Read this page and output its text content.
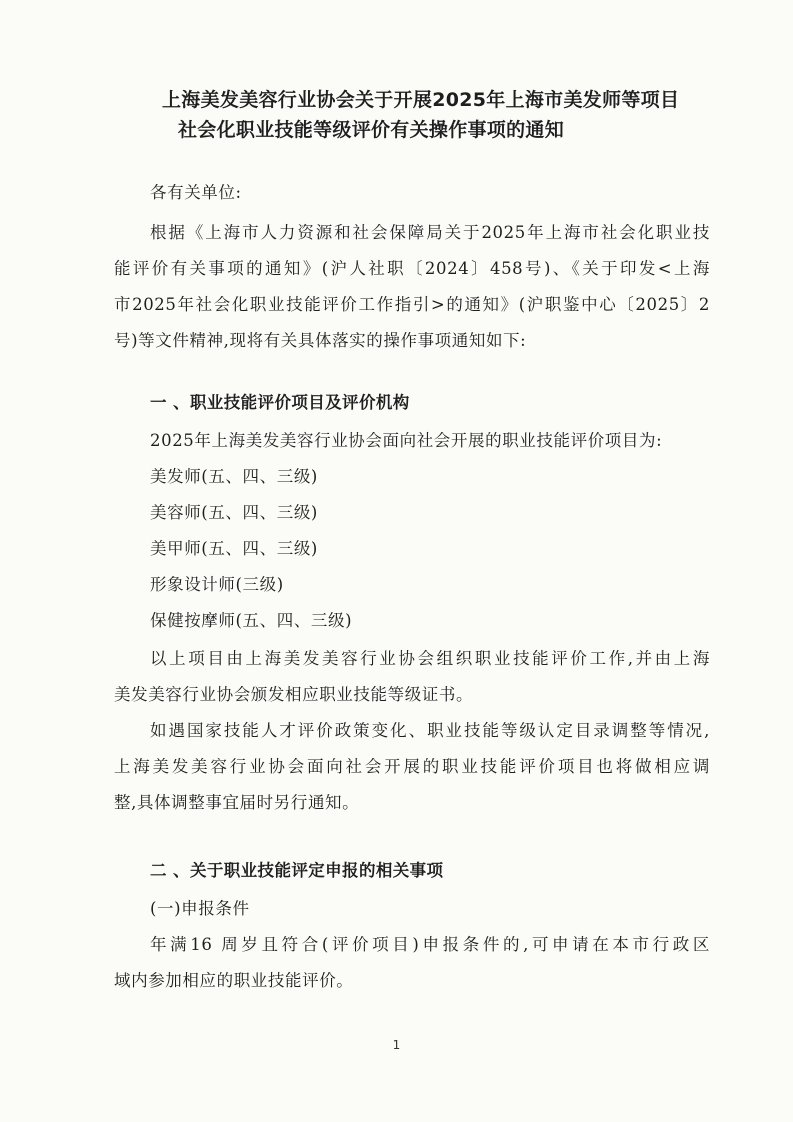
上海美发美容行业协会关于开展2025年上海市美发师等项目
社会化职业技能等级评价有关操作事项的通知
各有关单位:
根据《上海市人力资源和社会保障局关于2025年上海市社会化职业技
能评价有关事项的通知》(沪人社职〔2024〕458号)、《关于印发<上海
市2025年社会化职业技能评价工作指引>的通知》(沪职鉴中心〔2025〕2
号)等文件精神,现将有关具体落实的操作事项通知如下:
一 、职业技能评价项目及评价机构
2025年上海美发美容行业协会面向社会开展的职业技能评价项目为:
美发师(五、四、三级)
美容师(五、四、三级)
美甲师(五、四、三级)
形象设计师(三级)
保健按摩师(五、四、三级)
以上项目由上海美发美容行业协会组织职业技能评价工作,并由上海
美发美容行业协会颁发相应职业技能等级证书。
如遇国家技能人才评价政策变化、职业技能等级认定目录调整等情况,
上海美发美容行业协会面向社会开展的职业技能评价项目也将做相应调
整,具体调整事宜届时另行通知。
二 、关于职业技能评定申报的相关事项
(一)申报条件
年满16 周岁且符合(评价项目)申报条件的,可申请在本市行政区
域内参加相应的职业技能评价。
1
